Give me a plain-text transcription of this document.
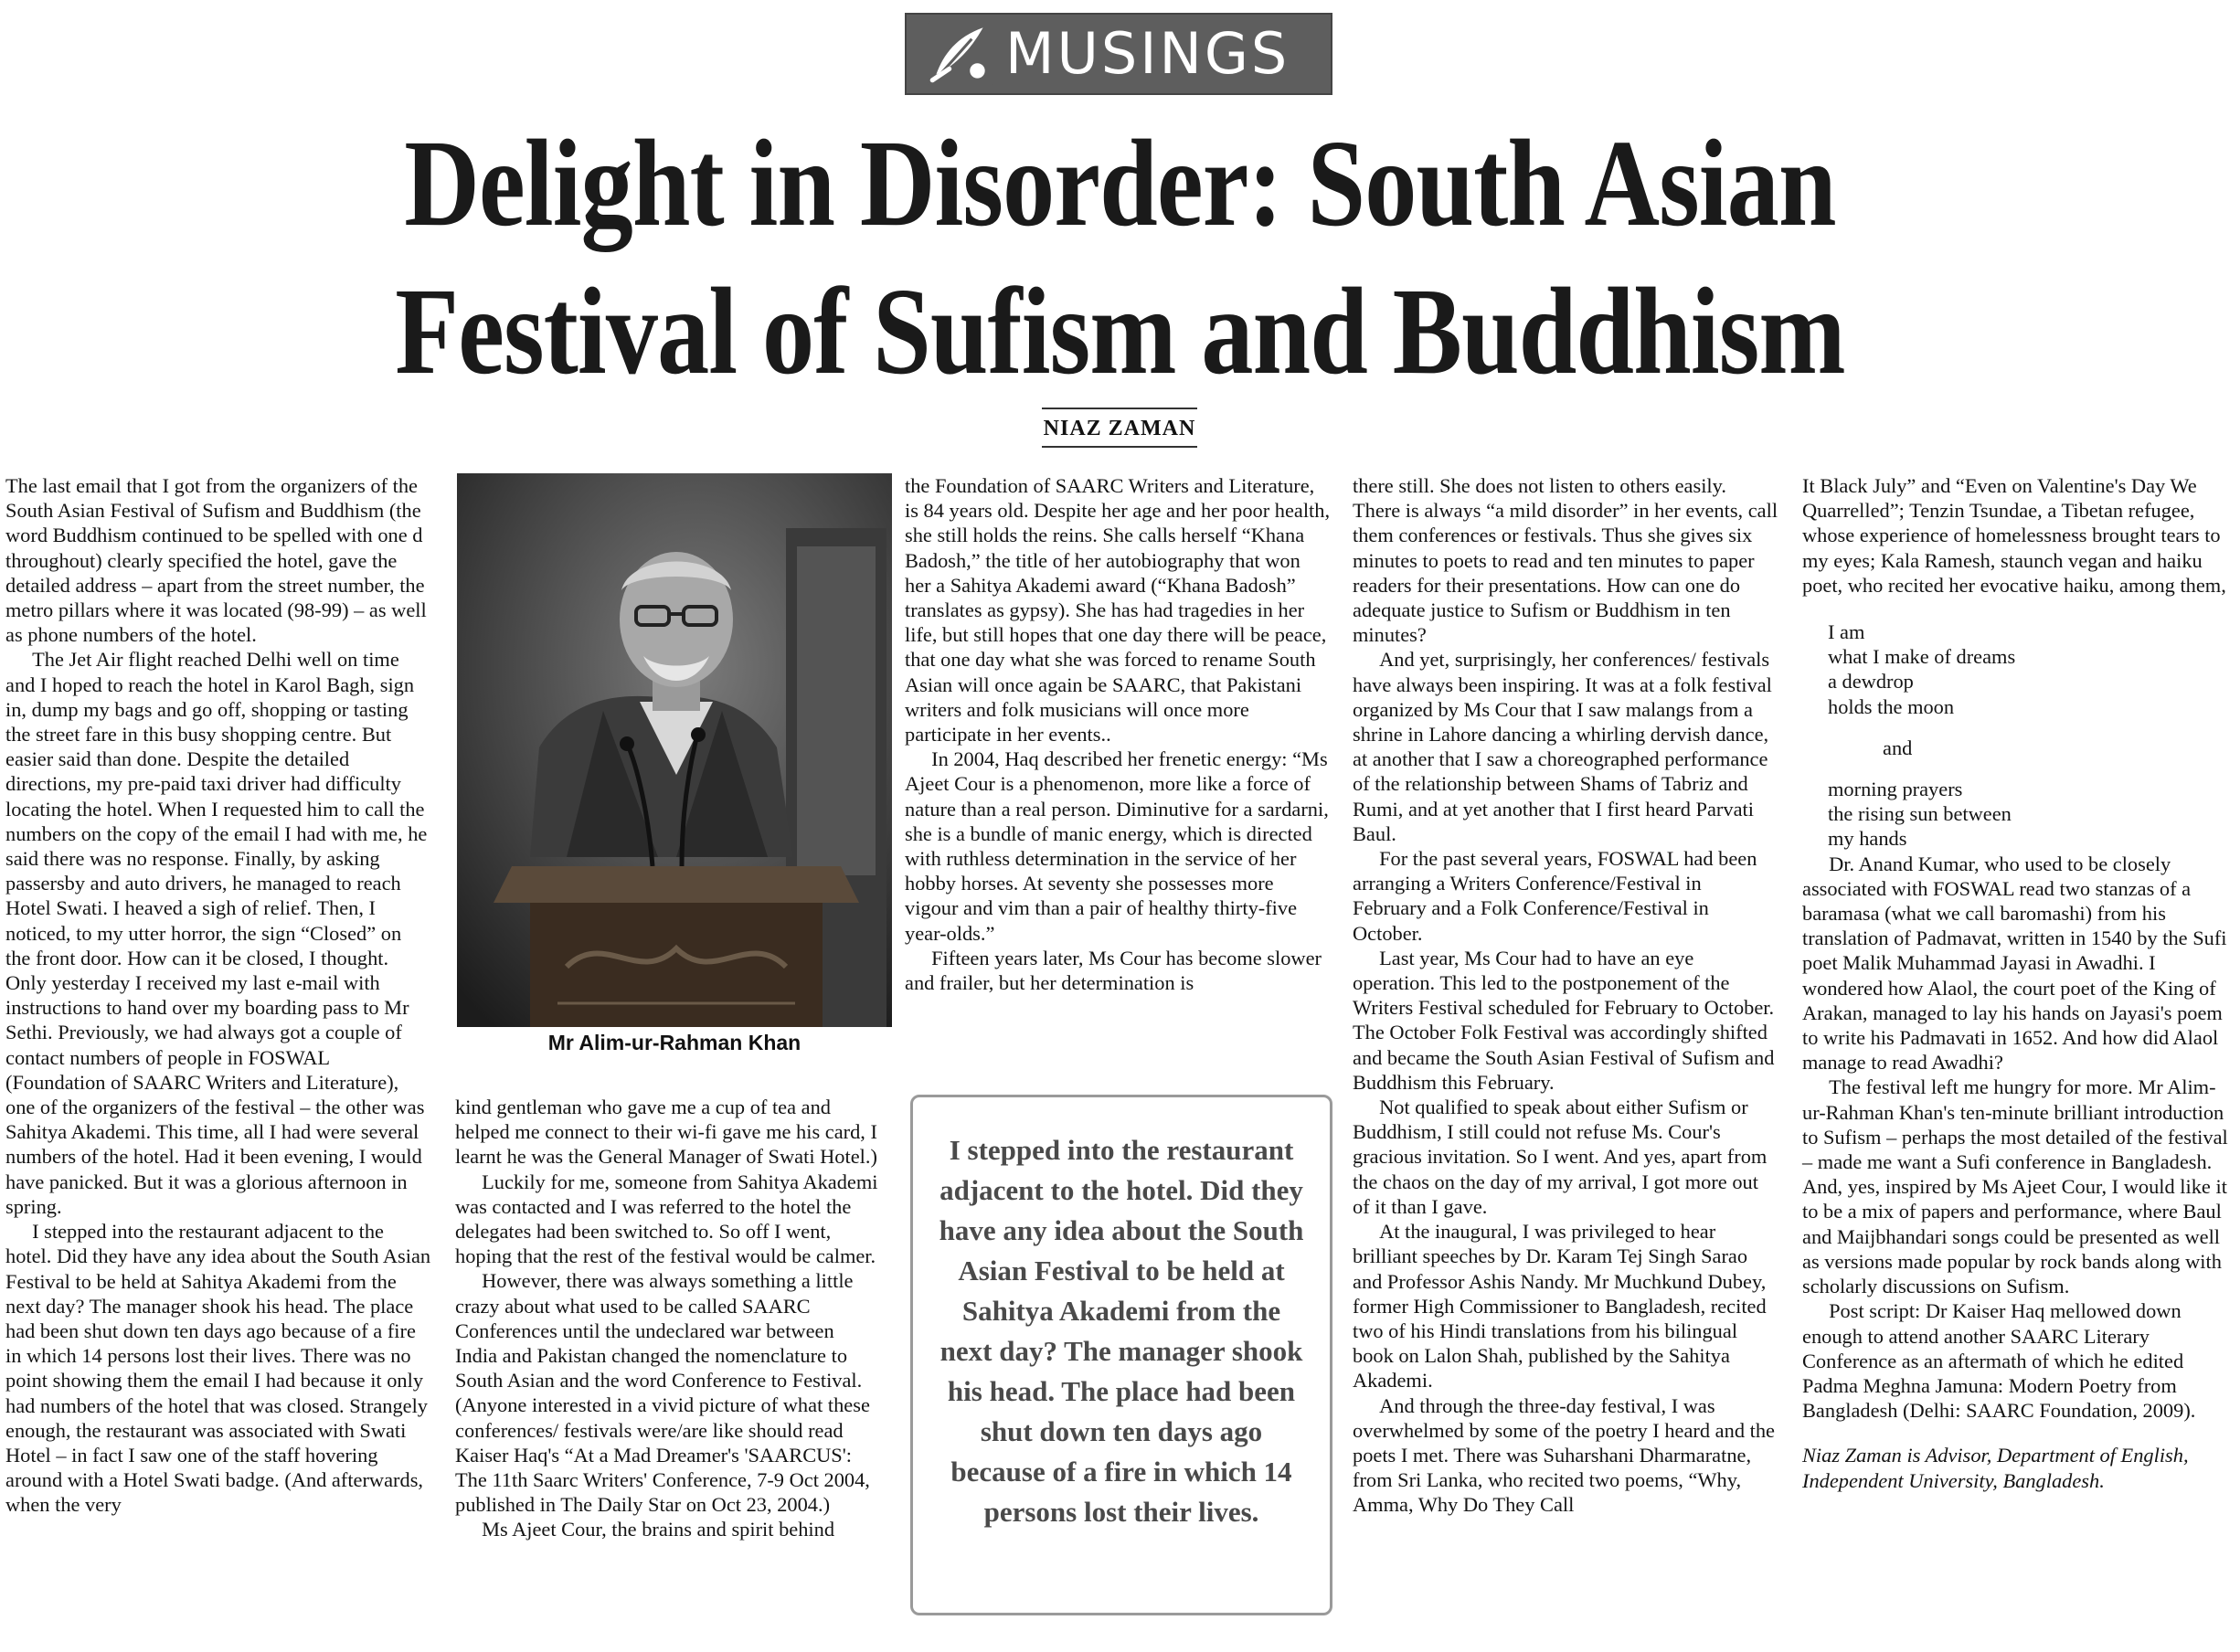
MUSINGS
Delight in Disorder: South Asian
Festival of Sufism and Buddhism
NIAZ ZAMAN

The last email that I got from the organizers of the South Asian Festival of Sufism and Buddhism (the word Buddhism continued to be spelled with one d throughout) clearly specified the hotel, gave the detailed address – apart from the street number, the metro pillars where it was located (98-99) – as well as phone numbers of the hotel.

The Jet Air flight reached Delhi well on time and I hoped to reach the hotel in Karol Bagh, sign in, dump my bags and go off, shopping or tasting the street fare in this busy shopping centre. But easier said than done. Despite the detailed directions, my pre-paid taxi driver had difficulty locating the hotel. When I requested him to call the numbers on the copy of the email I had with me, he said there was no response. Finally, by asking passersby and auto drivers, he managed to reach Hotel Swati. I heaved a sigh of relief. Then, I noticed, to my utter horror, the sign “Closed” on the front door. How can it be closed, I thought. Only yesterday I received my last e-mail with instructions to hand over my boarding pass to Mr Sethi. Previously, we had always got a couple of contact numbers of people in FOSWAL (Foundation of SAARC Writers and Literature), one of the organizers of the festival – the other was Sahitya Akademi. This time, all I had were several numbers of the hotel. Had it been evening, I would have panicked. But it was a glorious afternoon in spring.

I stepped into the restaurant adjacent to the hotel. Did they have any idea about the South Asian Festival to be held at Sahitya Akademi from the next day? The manager shook his head. The place had been shut down ten days ago because of a fire in which 14 persons lost their lives. There was no point showing them the email I had because it only had numbers of the hotel that was closed. Strangely enough, the restaurant was associated with Swati Hotel – in fact I saw one of the staff hovering around with a Hotel Swati badge. (And afterwards, when the very

Mr Alim-ur-Rahman Khan

kind gentleman who gave me a cup of tea and helped me connect to their wi-fi gave me his card, I learnt he was the General Manager of Swati Hotel.)

Luckily for me, someone from Sahitya Akademi was contacted and I was referred to the hotel the delegates had been switched to. So off I went, hoping that the rest of the festival would be calmer.

However, there was always something a little crazy about what used to be called SAARC Conferences until the undeclared war between India and Pakistan changed the nomenclature to South Asian and the word Conference to Festival. (Anyone interested in a vivid picture of what these conferences/ festivals were/are like should read Kaiser Haq's “At a Mad Dreamer's 'SAARCUS': The 11th Saarc Writers' Conference, 7-9 Oct 2004, published in The Daily Star on Oct 23, 2004.)

Ms Ajeet Cour, the brains and spirit behind

the Foundation of SAARC Writers and Literature, is 84 years old. Despite her age and her poor health, she still holds the reins. She calls herself “Khana Badosh,” the title of her autobiography that won her a Sahitya Akademi award (“Khana Badosh” translates as gypsy). She has had tragedies in her life, but still hopes that one day there will be peace, that one day what she was forced to rename South Asian will once again be SAARC, that Pakistani writers and folk musicians will once more participate in her events..

In 2004, Haq described her frenetic energy: “Ms Ajeet Cour is a phenomenon, more like a force of nature than a real person. Diminutive for a sardarni, she is a bundle of manic energy, which is directed with ruthless determination in the service of her hobby horses. At seventy she possesses more vigour and vim than a pair of healthy thirty-five year-olds.”

Fifteen years later, Ms Cour has become slower and frailer, but her determination is

I stepped into the restaurant adjacent to the hotel. Did they have any idea about the South Asian Festival to be held at Sahitya Akademi from the next day? The manager shook his head. The place had been shut down ten days ago because of a fire in which 14 persons lost their lives.

there still. She does not listen to others easily. There is always “a mild disorder” in her events, call them conferences or festivals. Thus she gives six minutes to poets to read and ten minutes to paper readers for their presentations. How can one do adequate justice to Sufism or Buddhism in ten minutes?

And yet, surprisingly, her conferences/ festivals have always been inspiring. It was at a folk festival organized by Ms Cour that I saw malangs from a shrine in Lahore dancing a whirling dervish dance, at another that I saw a choreographed performance of the relationship between Shams of Tabriz and Rumi, and at yet another that I first heard Parvati Baul.

For the past several years, FOSWAL had been arranging a Writers Conference/Festival in February and a Folk Conference/Festival in October.

Last year, Ms Cour had to have an eye operation. This led to the postponement of the Writers Festival scheduled for February to October. The October Folk Festival was accordingly shifted and became the South Asian Festival of Sufism and Buddhism this February.

Not qualified to speak about either Sufism or Buddhism, I still could not refuse Ms. Cour's gracious invitation. So I went. And yes, apart from the chaos on the day of my arrival, I got more out of it than I gave.

At the inaugural, I was privileged to hear brilliant speeches by Dr. Karam Tej Singh Sarao and Professor Ashis Nandy. Mr Muchkund Dubey, former High Commissioner to Bangladesh, recited two of his Hindi translations from his bilingual book on Lalon Shah, published by the Sahitya Akademi.

And through the three-day festival, I was overwhelmed by some of the poetry I heard and the poets I met. There was Suharshani Dharmaratne, from Sri Lanka, who recited two poems, “Why, Amma, Why Do They Call

It Black July” and “Even on Valentine's Day We Quarrelled”; Tenzin Tsundae, a Tibetan refugee, whose experience of homelessness brought tears to my eyes; Kala Ramesh, staunch vegan and haiku poet, who recited her evocative haiku, among them,

I am
what I make of dreams
a dewdrop
holds the moon
and
morning prayers
the rising sun between
my hands

Dr. Anand Kumar, who used to be closely associated with FOSWAL read two stanzas of a baramasa (what we call baromashi) from his translation of Padmavat, written in 1540 by the Sufi poet Malik Muhammad Jayasi in Awadhi. I wondered how Alaol, the court poet of the King of Arakan, managed to lay his hands on Jayasi's poem to write his Padmavati in 1652. And how did Alaol manage to read Awadhi?

The festival left me hungry for more. Mr Alim-ur-Rahman Khan's ten-minute brilliant introduction to Sufism – perhaps the most detailed of the festival – made me want a Sufi conference in Bangladesh. And, yes, inspired by Ms Ajeet Cour, I would like it to be a mix of papers and performance, where Baul and Maijbhandari songs could be presented as well as versions made popular by rock bands along with scholarly discussions on Sufism.

Post script: Dr Kaiser Haq mellowed down enough to attend another SAARC Literary Conference as an aftermath of which he edited Padma Meghna Jamuna: Modern Poetry from Bangladesh (Delhi: SAARC Foundation, 2009).

Niaz Zaman is Advisor, Department of English, Independent University, Bangladesh.
